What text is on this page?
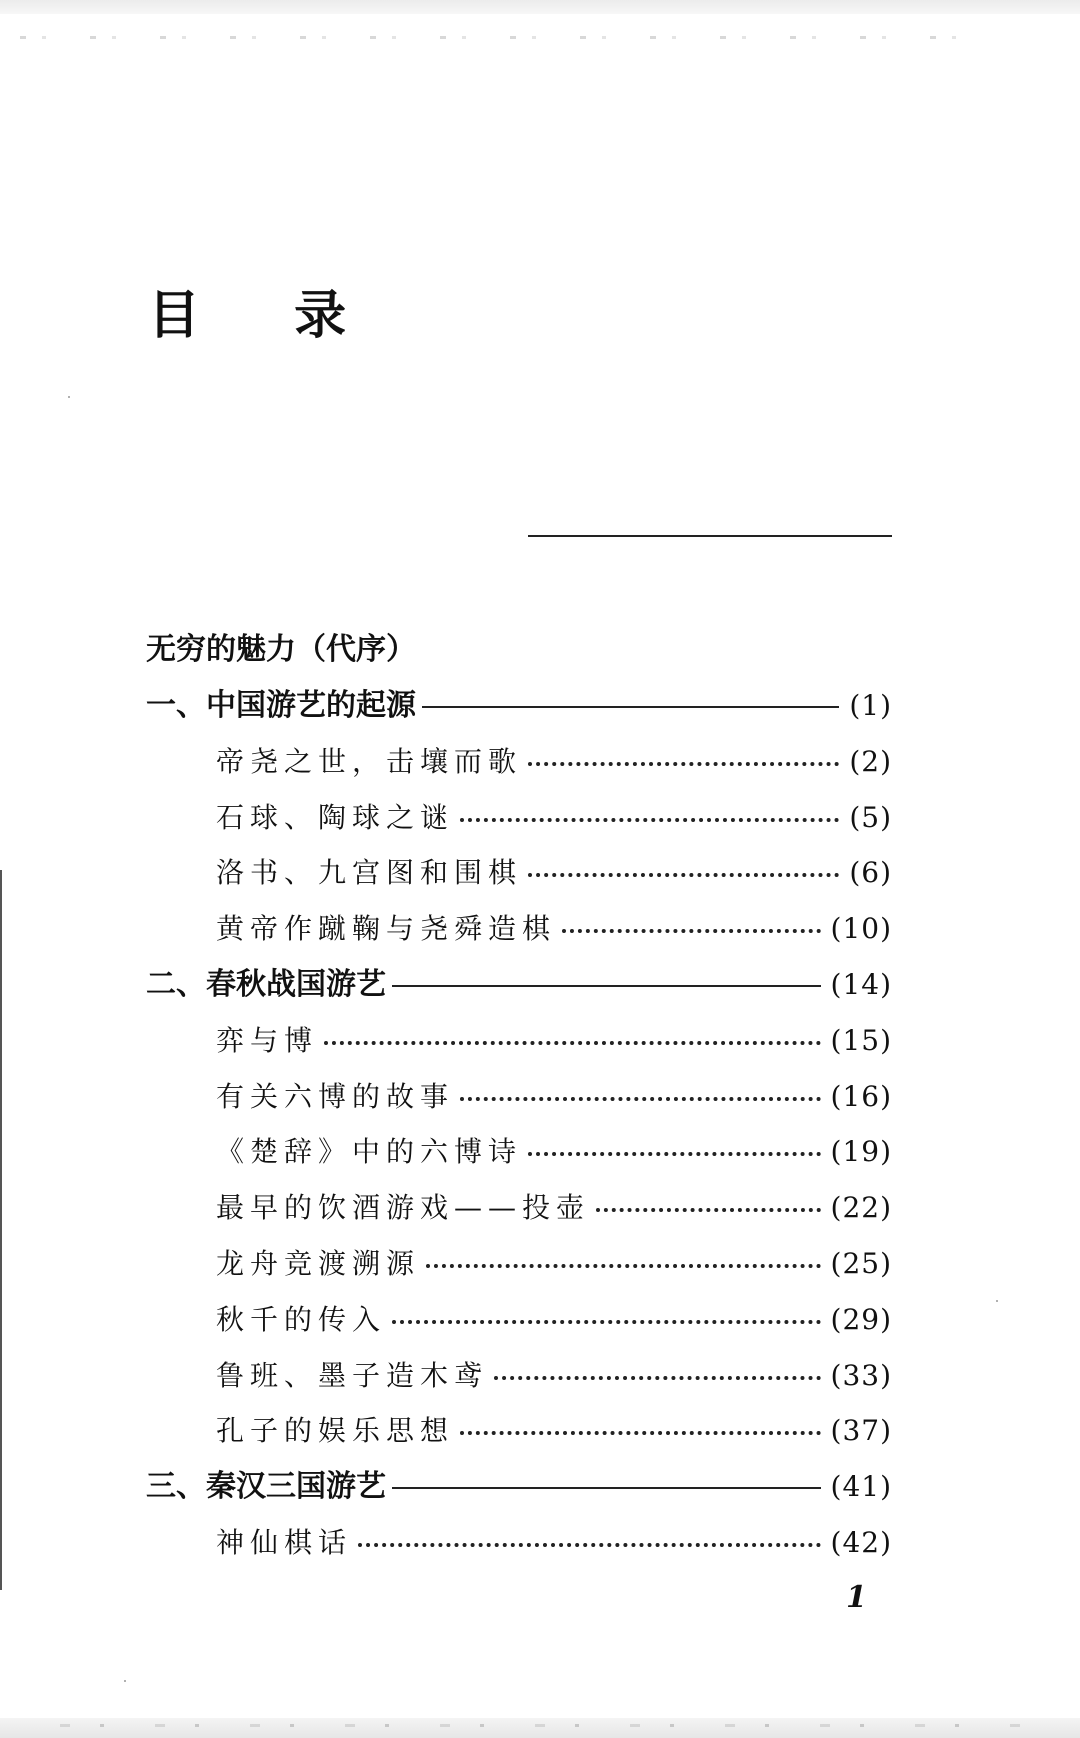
目 录
无穷的魅力（代序）
一、中国游艺的起源	(1)
帝尧之世，击壤而歌	(2)
石球、陶球之谜	(5)
洛书、九宫图和围棋	(6)
黄帝作蹴鞠与尧舜造棋	(10)
二、春秋战国游艺	(14)
弈与博	(15)
有关六博的故事	(16)
《楚辞》中的六博诗	(19)
最早的饮酒游戏——投壶	(22)
龙舟竞渡溯源	(25)
秋千的传入	(29)
鲁班、墨子造木鸢	(33)
孔子的娱乐思想	(37)
三、秦汉三国游艺	(41)
神仙棋话	(42)
1
